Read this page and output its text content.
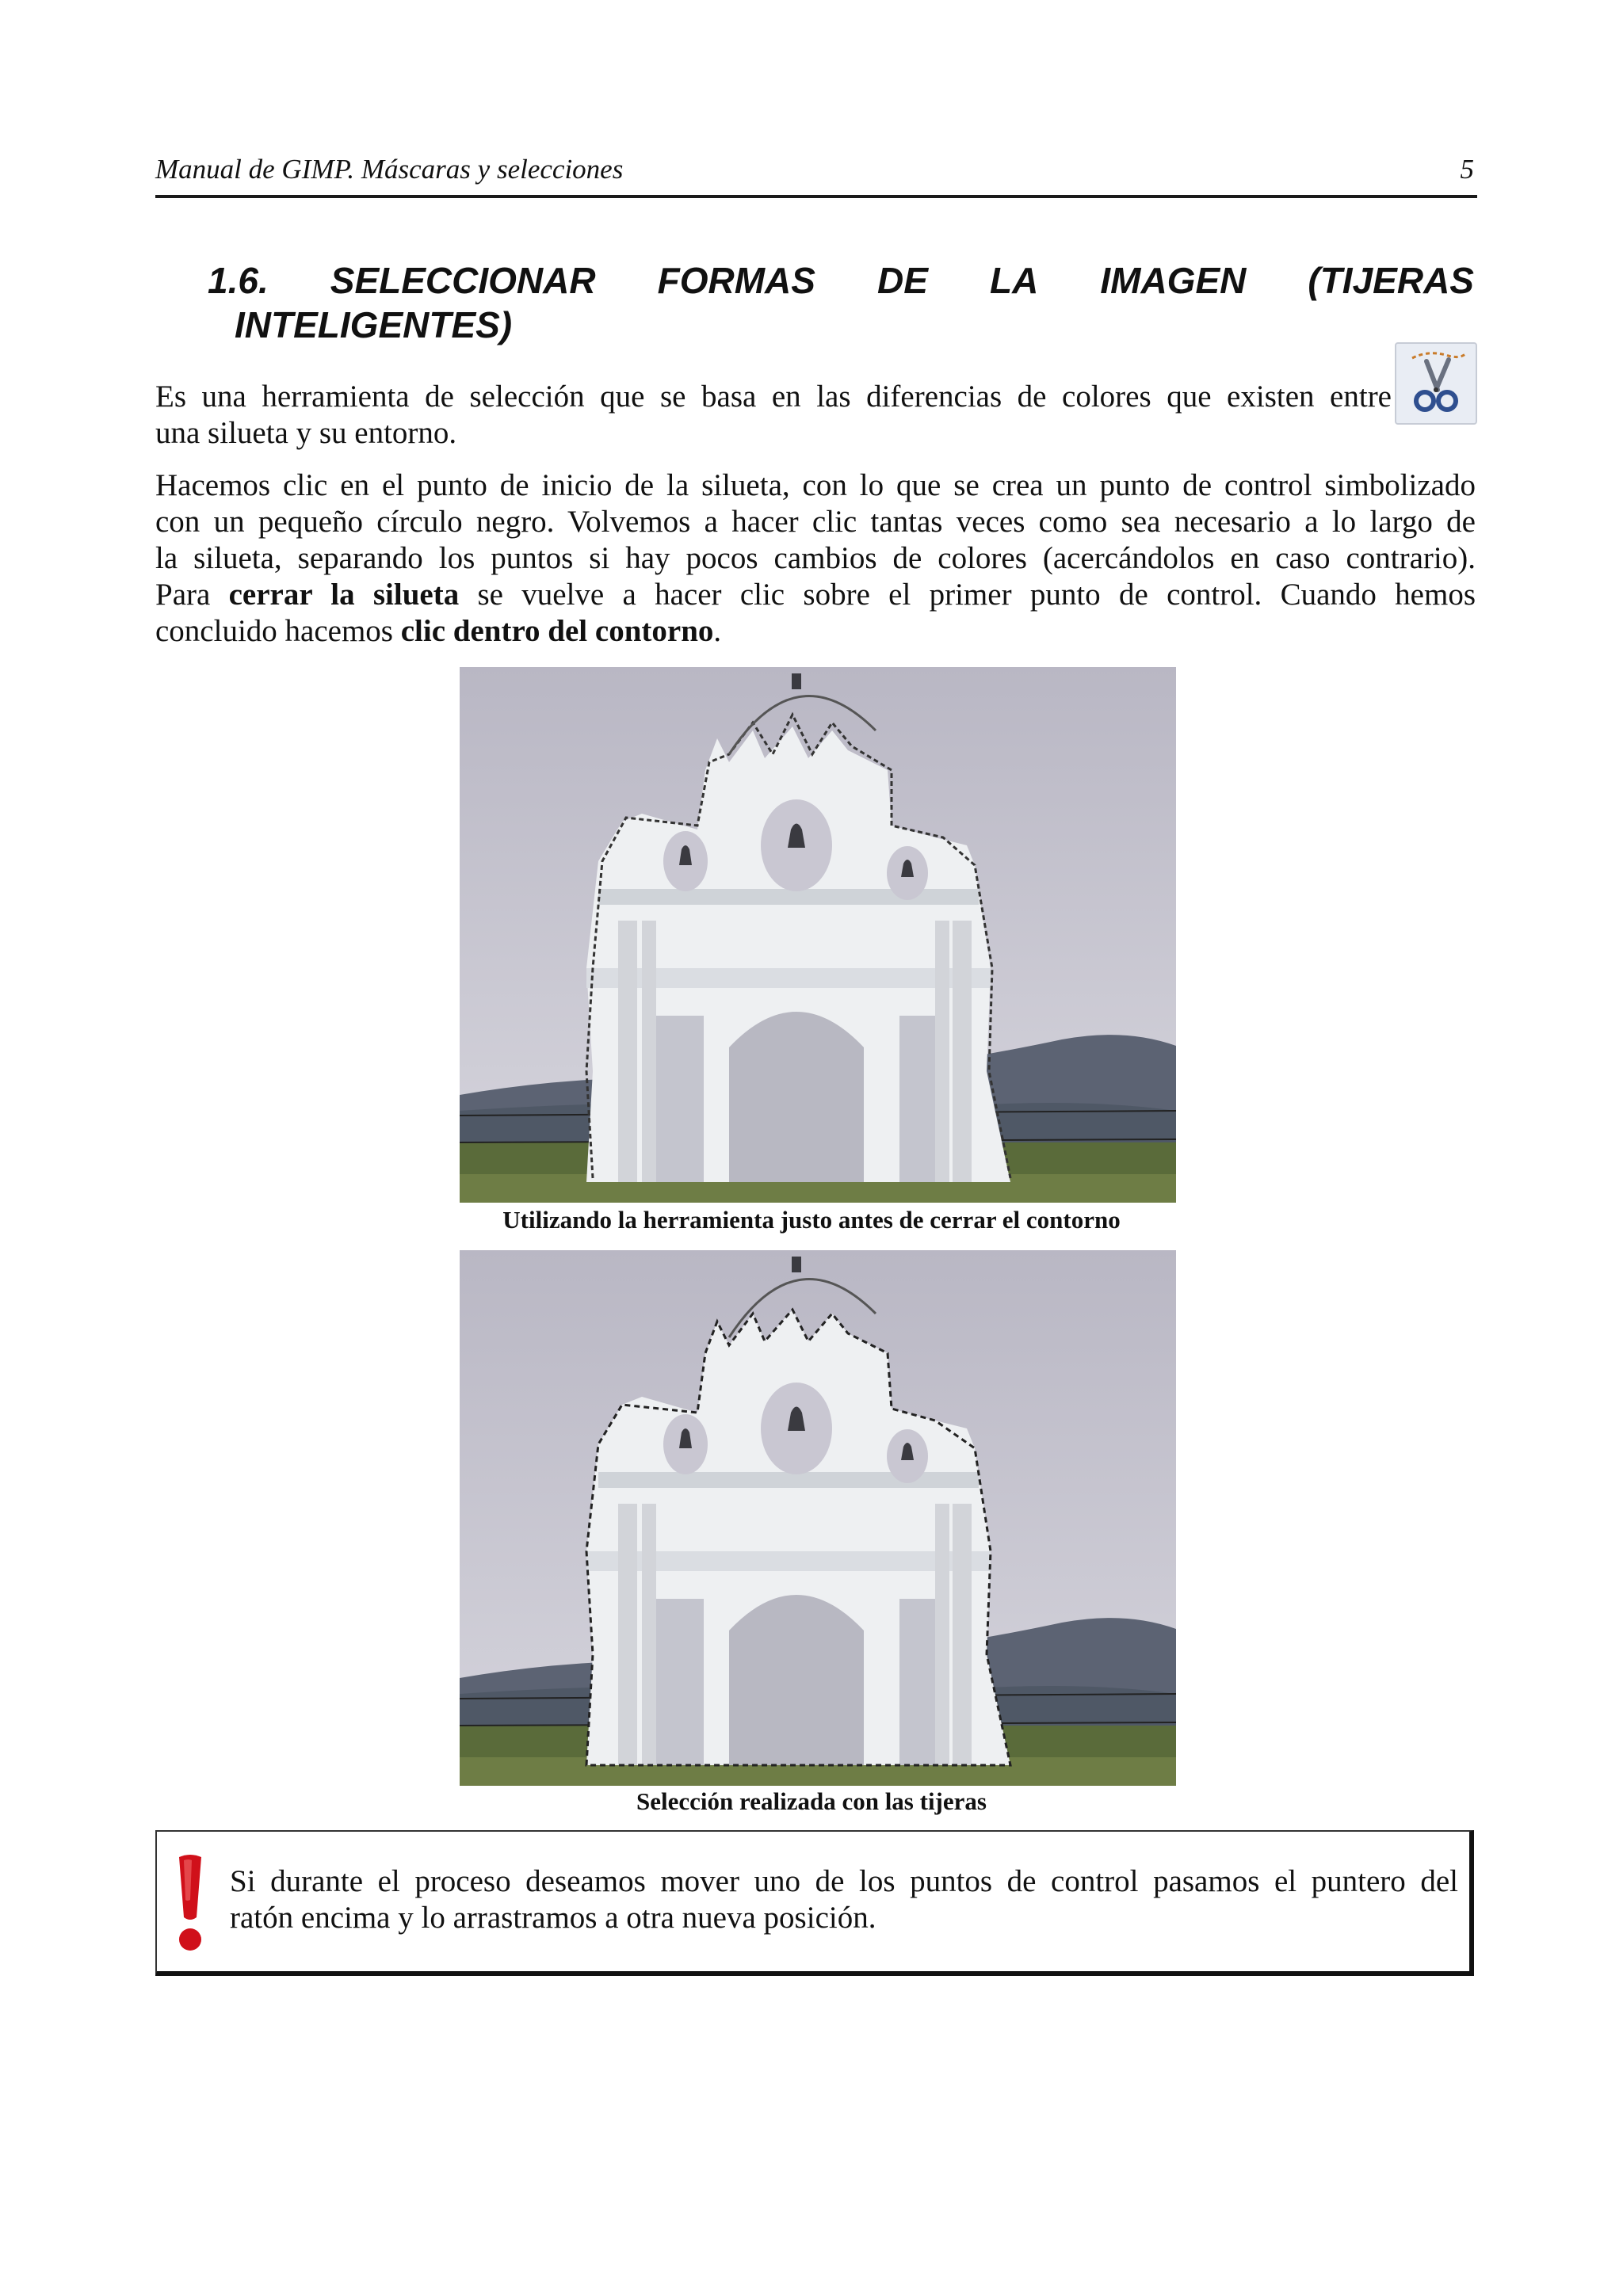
Manual de GIMP. Máscaras y selecciones	5
1.6. SELECCIONAR FORMAS DE LA IMAGEN (TIJERAS
INTELIGENTES)
Es una herramienta de selección que se basa en las diferencias de colores que existen entre
una silueta y su entorno.
Hacemos clic en el punto de inicio de la silueta, con lo que se crea un punto de control simbolizado
con un pequeño círculo negro. Volvemos a hacer clic tantas veces como sea necesario a lo largo de
la silueta, separando los puntos si hay pocos cambios de colores (acercándolos en caso contrario).
Para cerrar la silueta se vuelve a hacer clic sobre el primer punto de control. Cuando hemos
concluido hacemos clic dentro del contorno.
Utilizando la herramienta justo antes de cerrar el contorno
Selección realizada con las tijeras
Si durante el proceso deseamos mover uno de los puntos de control pasamos el puntero del
ratón encima y lo arrastramos a otra nueva posición.
